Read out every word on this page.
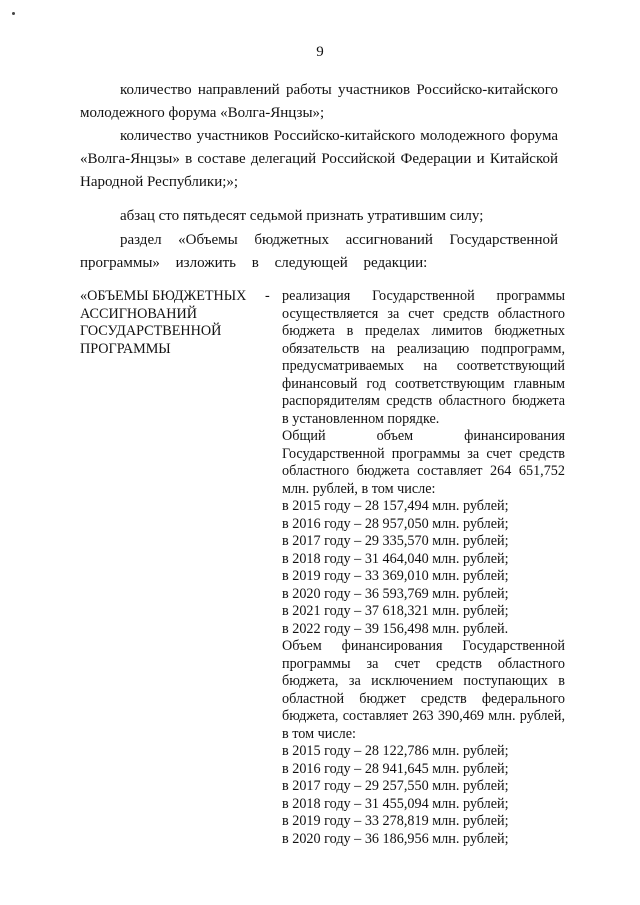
9
количество направлений работы участников Российско-китайского молодежного форума «Волга-Янцзы»;
количество участников Российско-китайского молодежного форума «Волга-Янцзы» в составе делегаций Российской Федерации и Китайской Народной Республики;»;
абзац сто пятьдесят седьмой признать утратившим силу;
раздел «Объемы бюджетных ассигнований Государственной программы» изложить в следующей редакции:
«ОБЪЕМЫ БЮДЖЕТНЫХ АССИГНОВАНИЙ ГОСУДАРСТВЕННОЙ ПРОГРАММЫ
- реализация Государственной программы осуществляется за счет средств областного бюджета в пределах лимитов бюджетных обязательств на реализацию подпрограмм, предусматриваемых на соответствующий финансовый год соответствующим главным распорядителям средств областного бюджета в установленном порядке.
Общий объем финансирования Государственной программы за счет средств областного бюджета составляет 264 651,752 млн. рублей, в том числе:
в 2015 году – 28 157,494 млн. рублей;
в 2016 году – 28 957,050 млн. рублей;
в 2017 году – 29 335,570 млн. рублей;
в 2018 году – 31 464,040 млн. рублей;
в 2019 году – 33 369,010 млн. рублей;
в 2020 году – 36 593,769 млн. рублей;
в 2021 году – 37 618,321 млн. рублей;
в 2022 году – 39 156,498 млн. рублей.
Объем финансирования Государственной программы за счет средств областного бюджета, за исключением поступающих в областной бюджет средств федерального бюджета, составляет 263 390,469 млн. рублей, в том числе:
в 2015 году – 28 122,786 млн. рублей;
в 2016 году – 28 941,645 млн. рублей;
в 2017 году – 29 257,550 млн. рублей;
в 2018 году – 31 455,094 млн. рублей;
в 2019 году – 33 278,819 млн. рублей;
в 2020 году – 36 186,956 млн. рублей;
